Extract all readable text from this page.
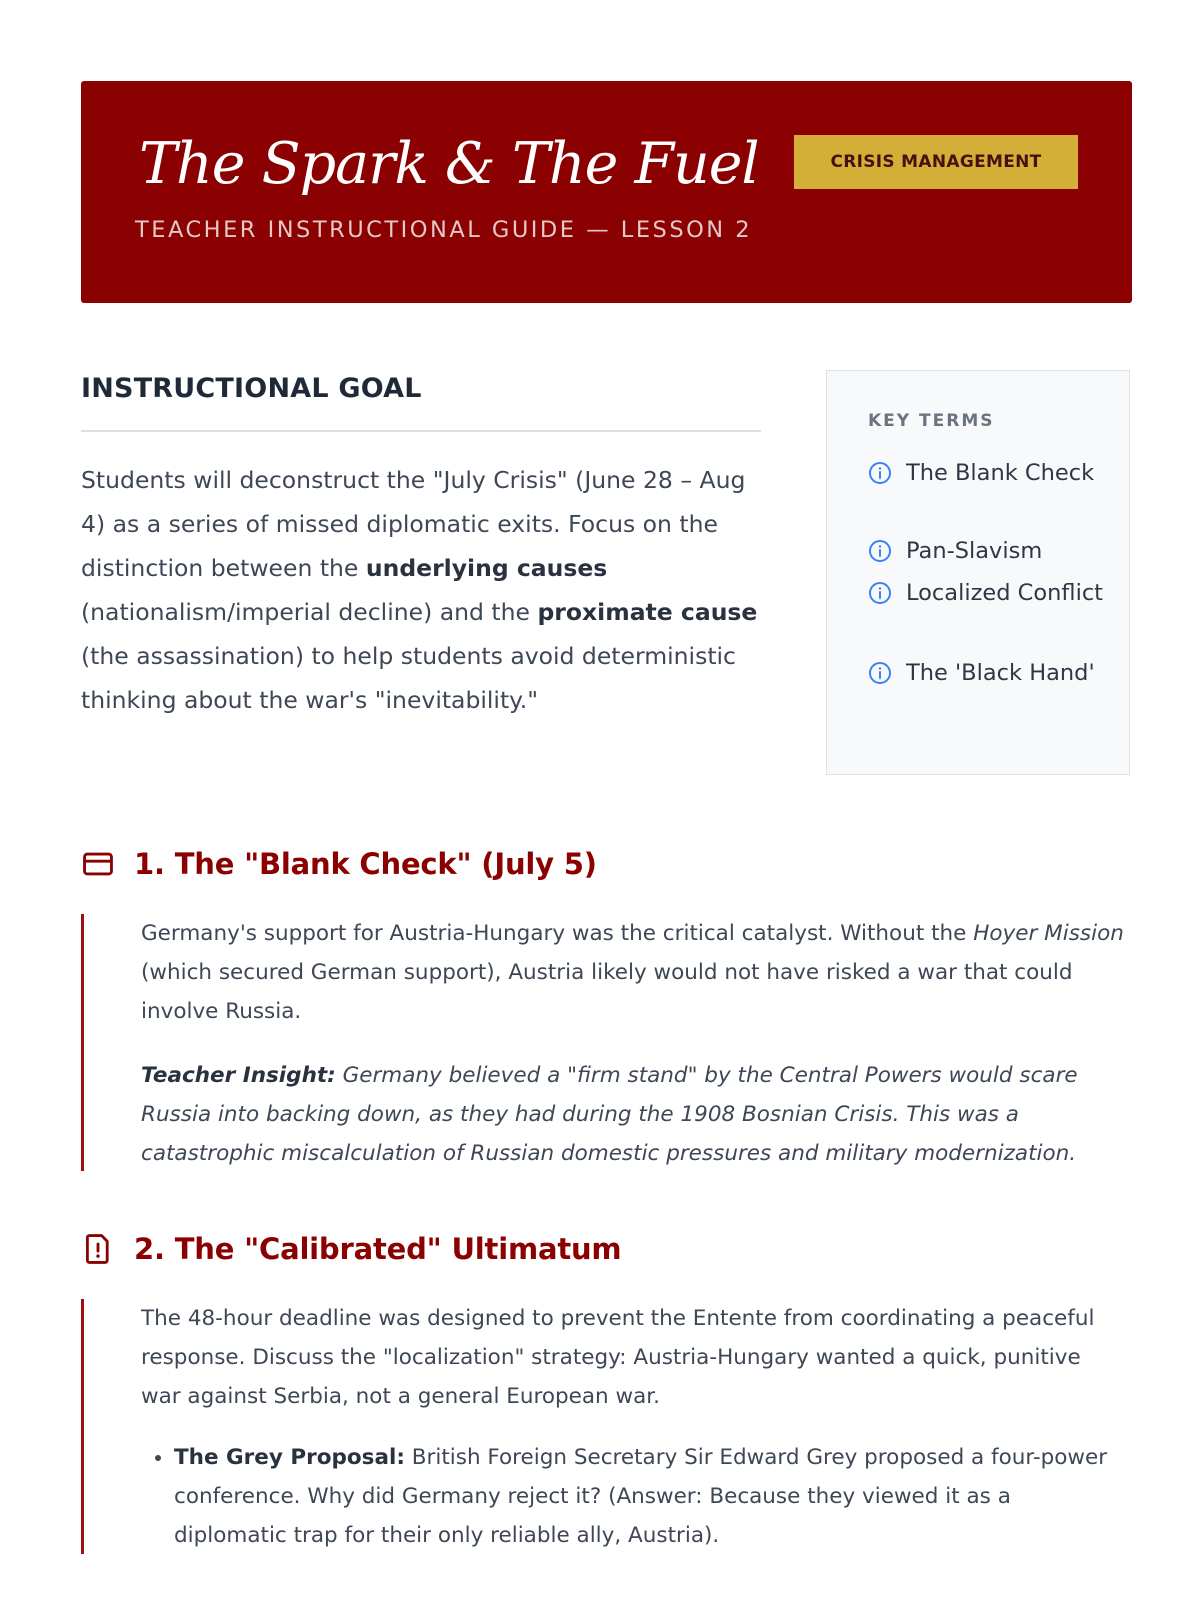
The Spark & The Fuel
TEACHER INSTRUCTIONAL GUIDE — LESSON 2
CRISIS MANAGEMENT
INSTRUCTIONAL GOAL
Students will deconstruct the "July Crisis" (June 28 – Aug 4) as a series of missed diplomatic exits. Focus on the distinction between the underlying causes (nationalism/imperial decline) and the proximate cause (the assassination) to help students avoid deterministic thinking about the war's "inevitability."
KEY TERMS
The Blank Check
Pan-Slavism
Localized Conflict
The 'Black Hand'
1. The "Blank Check" (July 5)

Germany's support for Austria-Hungary was the critical catalyst. Without the Hoyer Mission (which secured German support), Austria likely would not have risked a war that could involve Russia.

Teacher Insight: Germany believed a "firm stand" by the Central Powers would scare Russia into backing down, as they had during the 1908 Bosnian Crisis. This was a catastrophic miscalculation of Russian domestic pressures and military modernization.

2. The "Calibrated" Ultimatum

The 48-hour deadline was designed to prevent the Entente from coordinating a peaceful response. Discuss the "localization" strategy: Austria-Hungary wanted a quick, punitive war against Serbia, not a general European war.

• The Grey Proposal: British Foreign Secretary Sir Edward Grey proposed a four-power conference. Why did Germany reject it? (Answer: Because they viewed it as a diplomatic trap for their only reliable ally, Austria).
